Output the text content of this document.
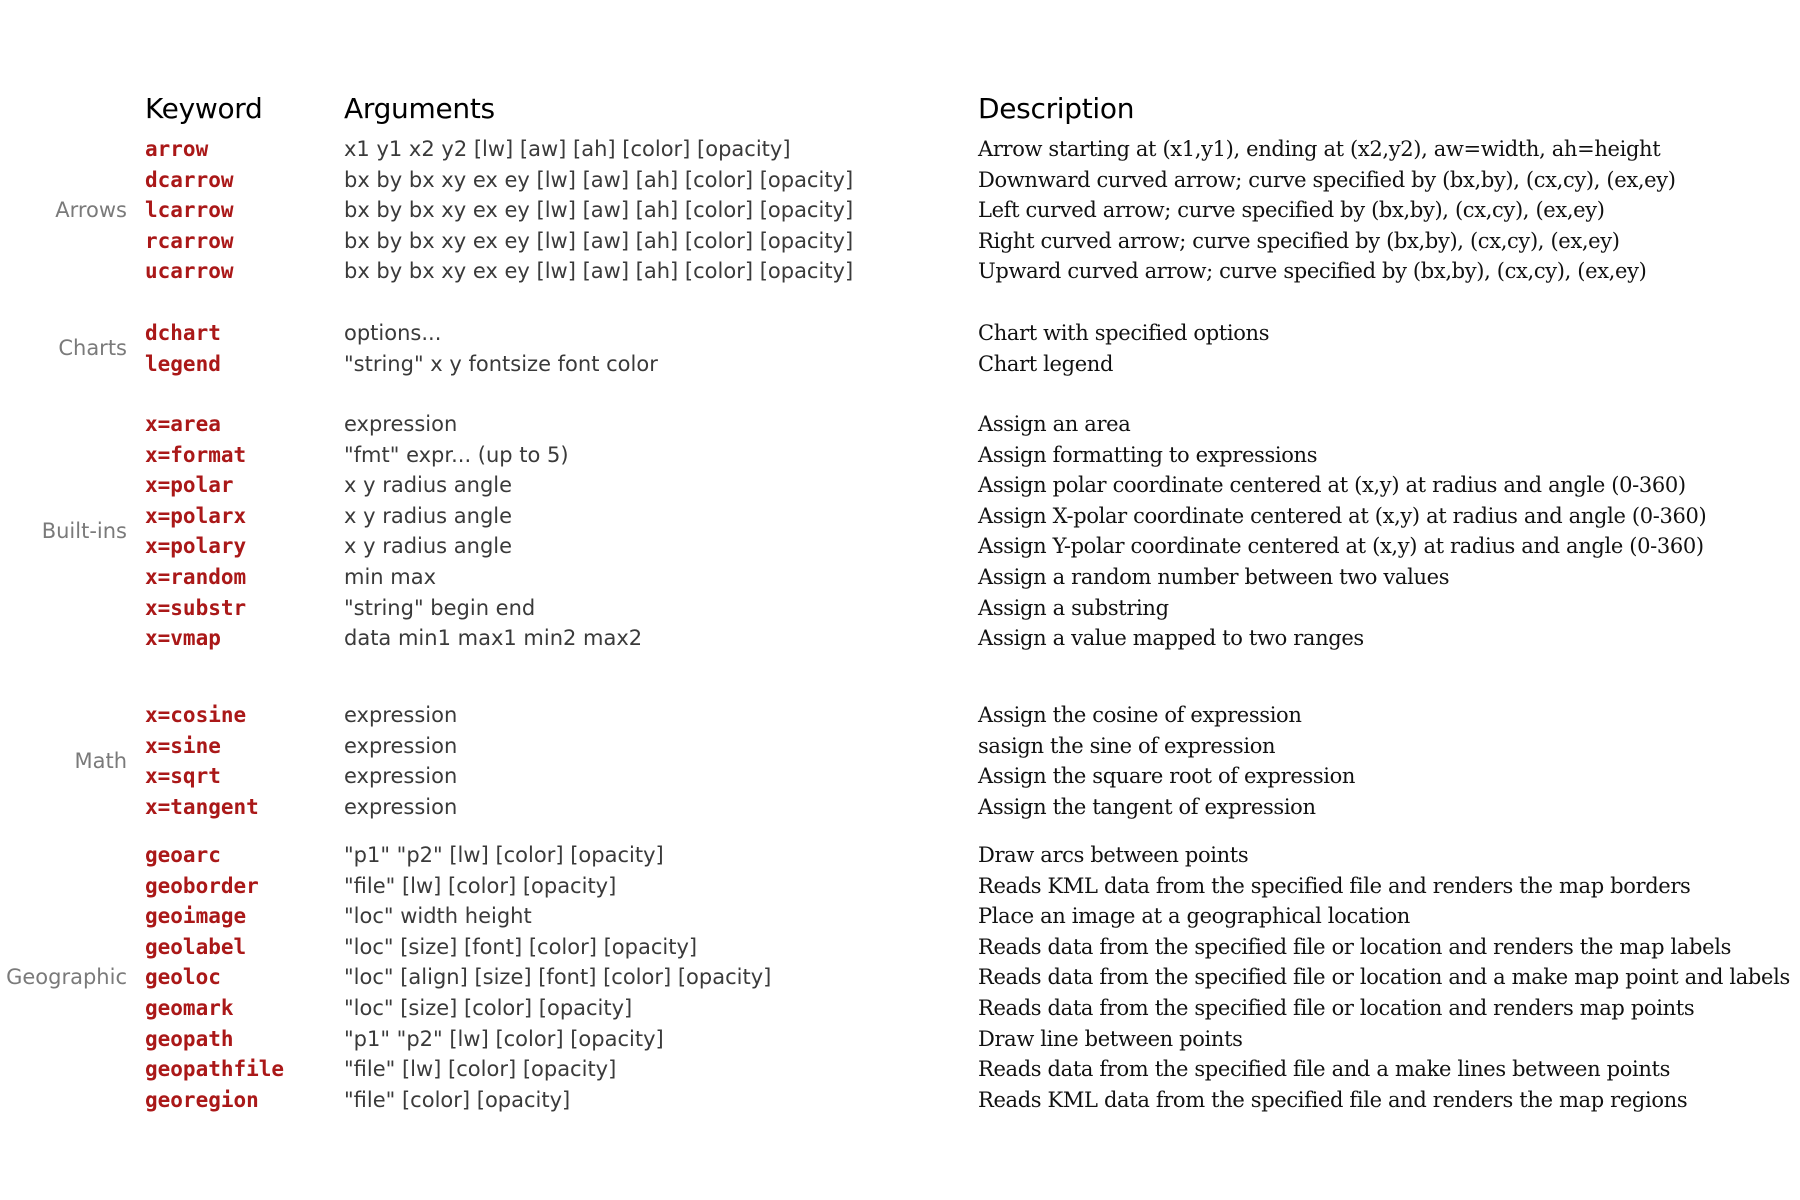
Keyword	Arguments	Description
arrow	x1 y1 x2 y2 [lw] [aw] [ah] [color] [opacity]	Arrow starting at (x1,y1), ending at (x2,y2), aw=width, ah=height
dcarrow	bx by bx xy ex ey [lw] [aw] [ah] [color] [opacity]	Downward curved arrow; curve specified by (bx,by), (cx,cy), (ex,ey)
lcarrow	bx by bx xy ex ey [lw] [aw] [ah] [color] [opacity]	Left curved arrow; curve specified by (bx,by), (cx,cy), (ex,ey)
rcarrow	bx by bx xy ex ey [lw] [aw] [ah] [color] [opacity]	Right curved arrow; curve specified by (bx,by), (cx,cy), (ex,ey)
ucarrow	bx by bx xy ex ey [lw] [aw] [ah] [color] [opacity]	Upward curved arrow; curve specified by (bx,by), (cx,cy), (ex,ey)
Arrows
dchart	options...	Chart with specified options
legend	"string" x y fontsize font color	Chart legend
Charts
x=area	expression	Assign an area
x=format	"fmt" expr... (up to 5)	Assign formatting to expressions
x=polar	x y radius angle	Assign polar coordinate centered at (x,y) at radius and angle (0-360)
x=polarx	x y radius angle	Assign X-polar coordinate centered at (x,y) at radius and angle (0-360)
x=polary	x y radius angle	Assign Y-polar coordinate centered at (x,y) at radius and angle (0-360)
x=random	min max	Assign a random number between two values
x=substr	"string" begin end	Assign a substring
x=vmap	data min1 max1 min2 max2	Assign a value mapped to two ranges
Built-ins
x=cosine	expression	Assign the cosine of expression
x=sine	expression	sasign the sine of expression
x=sqrt	expression	Assign the square root of expression
x=tangent	expression	Assign the tangent of expression
Math
geoarc	"p1" "p2" [lw] [color] [opacity]	Draw arcs between points
geoborder	"file" [lw] [color] [opacity]	Reads KML data from the specified file and renders the map borders
geoimage	"loc" width height	Place an image at a geographical location
geolabel	"loc" [size] [font] [color] [opacity]	Reads data from the specified file or location and renders the map labels
geoloc	"loc" [align] [size] [font] [color] [opacity]	Reads data from the specified file or location and a make map point and labels
geomark	"loc" [size] [color] [opacity]	Reads data from the specified file or location and renders map points
geopath	"p1" "p2" [lw] [color] [opacity]	Draw line between points
geopathfile	"file" [lw] [color] [opacity]	Reads data from the specified file and a make lines between points
georegion	"file" [color] [opacity]	Reads KML data from the specified file and renders the map regions
Geographic
